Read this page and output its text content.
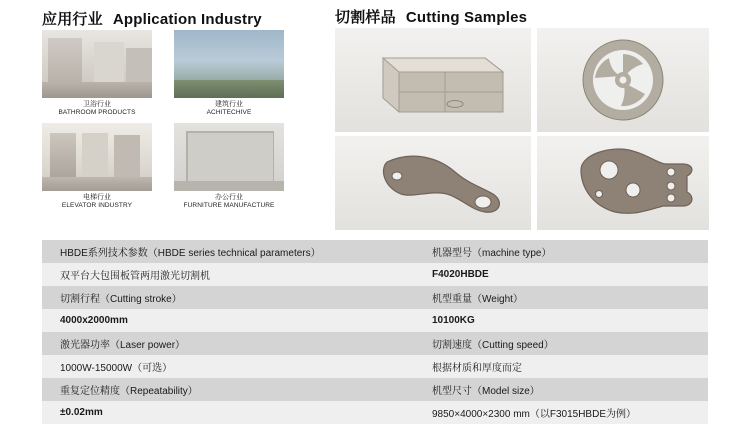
应用行业 Application Industry	切割样品 Cutting Samples
卫浴行业
BATHROOM PRODUCTS
建筑行业
ACHITECHIVE
电梯行业
ELEVATOR INDUSTRY
办公行业
FURNITURE MANUFACTURE
HBDE系列技术参数（HBDE series technical parameters）	机器型号（machine type）
双平台大包围板管两用激光切割机	F4020HBDE
切割行程（Cutting stroke）	机型重量（Weight）
4000x2000mm	10100KG
激光器功率（Laser power）	切割速度（Cutting speed）
1000W-15000W（可选）	根据材质和厚度而定
重复定位精度（Repeatability）	机型尺寸（Model size）
±0.02mm	9850×4000×2300 mm（以F3015HBDE为例）
